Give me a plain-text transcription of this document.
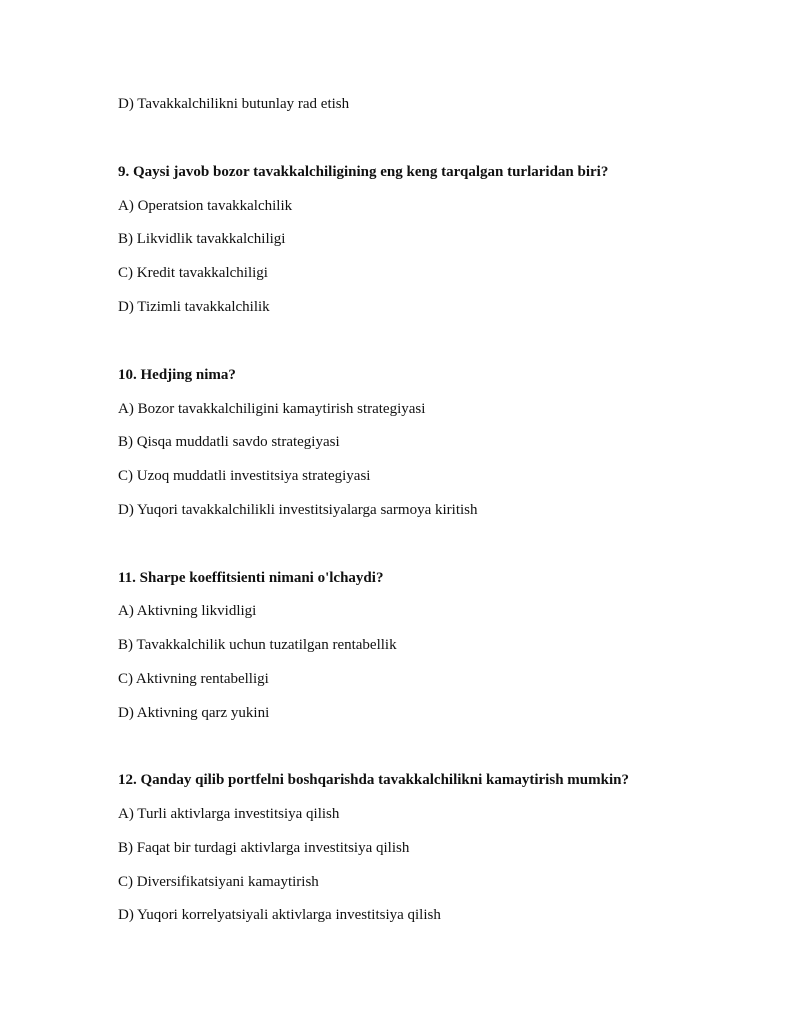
D) Tavakkalchilikni butunlay rad etish
9. Qaysi javob bozor tavakkalchiligining eng keng tarqalgan turlaridan biri?
A) Operatsion tavakkalchilik
B) Likvidlik tavakkalchiligi
C) Kredit tavakkalchiligi
D) Tizimli tavakkalchilik
10. Hedjing nima?
A) Bozor tavakkalchiligini kamaytirish strategiyasi
B) Qisqa muddatli savdo strategiyasi
C) Uzoq muddatli investitsiya strategiyasi
D) Yuqori tavakkalchilikli investitsiyalarga sarmoya kiritish
11. Sharpe koeffitsienti nimani o'lchaydi?
A) Aktivning likvidligi
B) Tavakkalchilik uchun tuzatilgan rentabellik
C) Aktivning rentabelligi
D) Aktivning qarz yukini
12. Qanday qilib portfelni boshqarishda tavakkalchilikni kamaytirish mumkin?
A) Turli aktivlarga investitsiya qilish
B) Faqat bir turdagi aktivlarga investitsiya qilish
C) Diversifikatsiyani kamaytirish
D) Yuqori korrelyatsiyali aktivlarga investitsiya qilish
